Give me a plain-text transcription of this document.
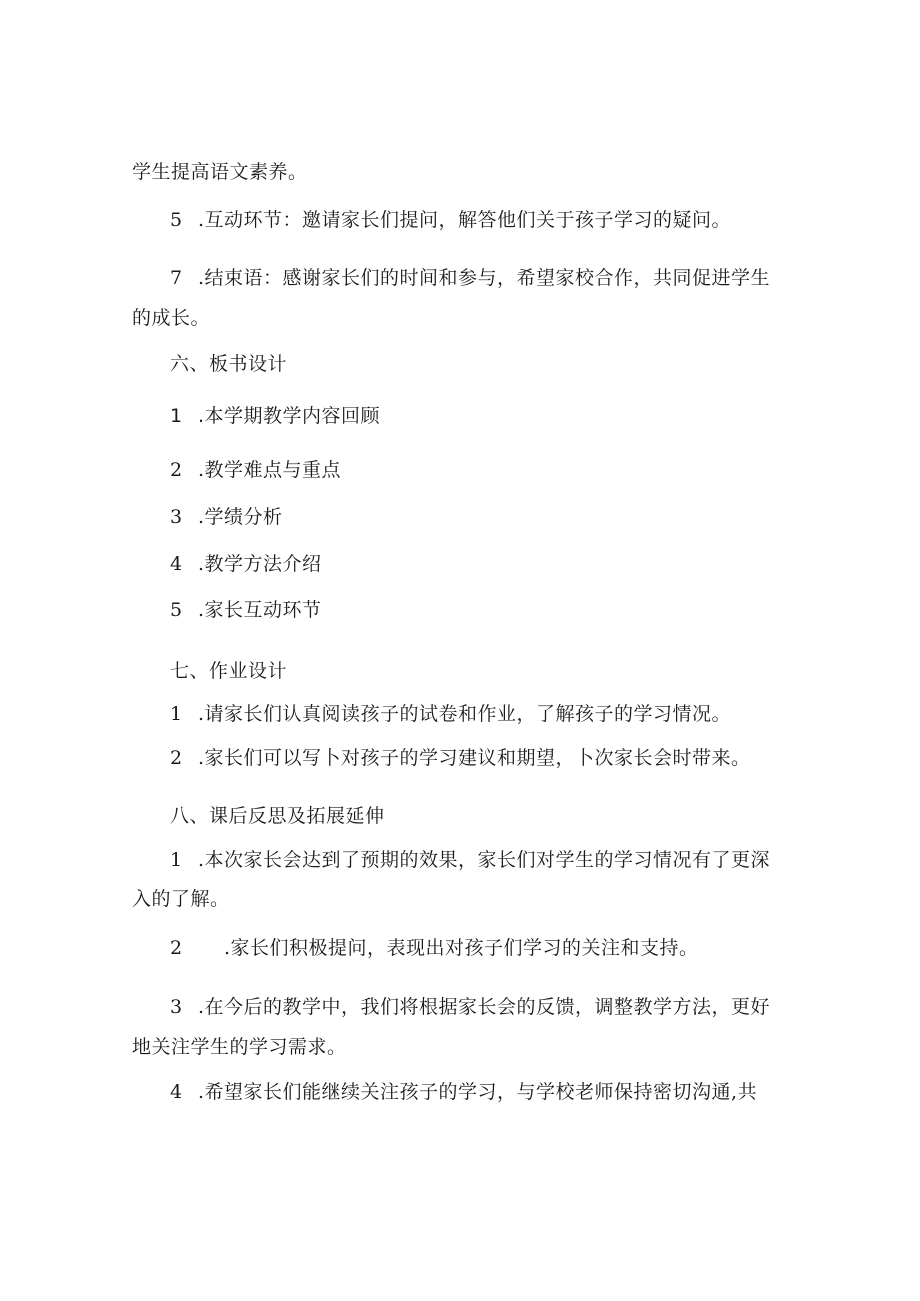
学生提高语文素养。
5 .互动环节：邀请家长们提问，解答他们关于孩子学习的疑问。
7 .结束语：感谢家长们的时间和参与，希望家校合作，共同促进学生
的成长。
六、板书设计
1 .本学期教学内容回顾
2 .教学难点与重点
3 .学绩分析
4 .教学方法介绍
5 .家长互动环节
七、作业设计
1 .请家长们认真阅读孩子的试卷和作业，了解孩子的学习情况。
2 .家长们可以写卜对孩子的学习建议和期望，卜次家长会时带来。
八、课后反思及拓展延伸
1 .本次家长会达到了预期的效果，家长们对学生的学习情况有了更深
入的了解。
2 .家长们积极提问，表现出对孩子们学习的关注和支持。
3 .在今后的教学中，我们将根据家长会的反馈，调整教学方法，更好
地关注学生的学习需求。
4 .希望家长们能继续关注孩子的学习，与学校老师保持密切沟通,共
